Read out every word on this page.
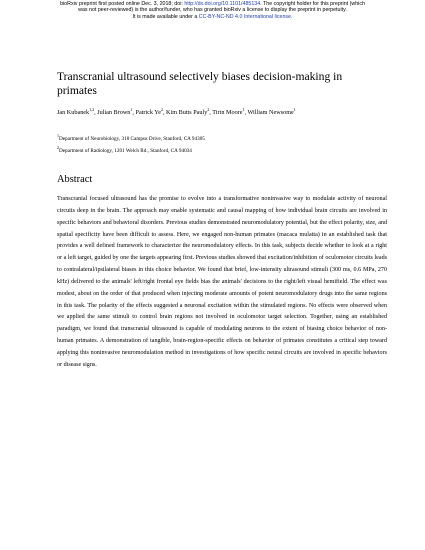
bioRxiv preprint first posted online Dec. 3, 2018; doi: http://dx.doi.org/10.1101/485134. The copyright holder for this preprint (which
was not peer-reviewed) is the author/funder, who has granted bioRxiv a license to display the preprint in perpetuity.
It is made available under a CC-BY-NC-ND 4.0 International license.
Transcranial ultrasound selectively biases decision-making in primates
Jan Kubanek$^{1,2}$, Julian Brown$^1$, Patrick Ye$^2$, Kim Butts Pauly$^2$, Tirin Moore$^1$, William Newsome$^1$
$^1$Department of Neurobiology, 318 Campus Drive, Stanford, CA 94305
$^2$Department of Radiology, 1201 Welch Rd., Stanford, CA 94034
Abstract

Transcranial focused ultrasound has the promise to evolve into a transformative noninvasive way to modulate activity of neuronal circuits deep in the brain. The approach may enable systematic and causal mapping of how individual brain circuits are involved in specific behaviors and behavioral disorders. Previous studies demonstrated neuromodulatory potential, but the effect polarity, size, and spatial specificity have been difficult to assess. Here, we engaged non-human primates (macaca mulatta) in an established task that provides a well defined framework to characterize the neuromodulatory effects. In this task, subjects decide whether to look at a right or a left target, guided by one the targets appearing first. Previous studies showed that excitation/inhibition of oculomotor circuits leads to contralateral/ipsilateral biases in this choice behavior. We found that brief, low-intensity ultrasound stimuli (300 ms, 0.6 MPa, 270 kHz) delivered to the animals' left/right frontal eye fields bias the animals' decisions to the right/left visual hemifield. The effect was modest, about on the order of that produced when injecting moderate amounts of potent neuromodulatory drugs into the same regions in this task. The polarity of the effects suggested a neuronal excitation within the stimulated regions. No effects were observed when we applied the same stimuli to control brain regions not involved in oculomotor target selection. Together, using an established paradigm, we found that transcranial ultrasound is capable of modulating neurons to the extent of biasing choice behavior of non-human primates. A demonstration of tangible, brain-region-specific effects on behavior of primates constitutes a critical step toward applying this noninvasive neuromodulation method in investigations of how specific neural circuits are involved in specific behaviors or disease signs.
